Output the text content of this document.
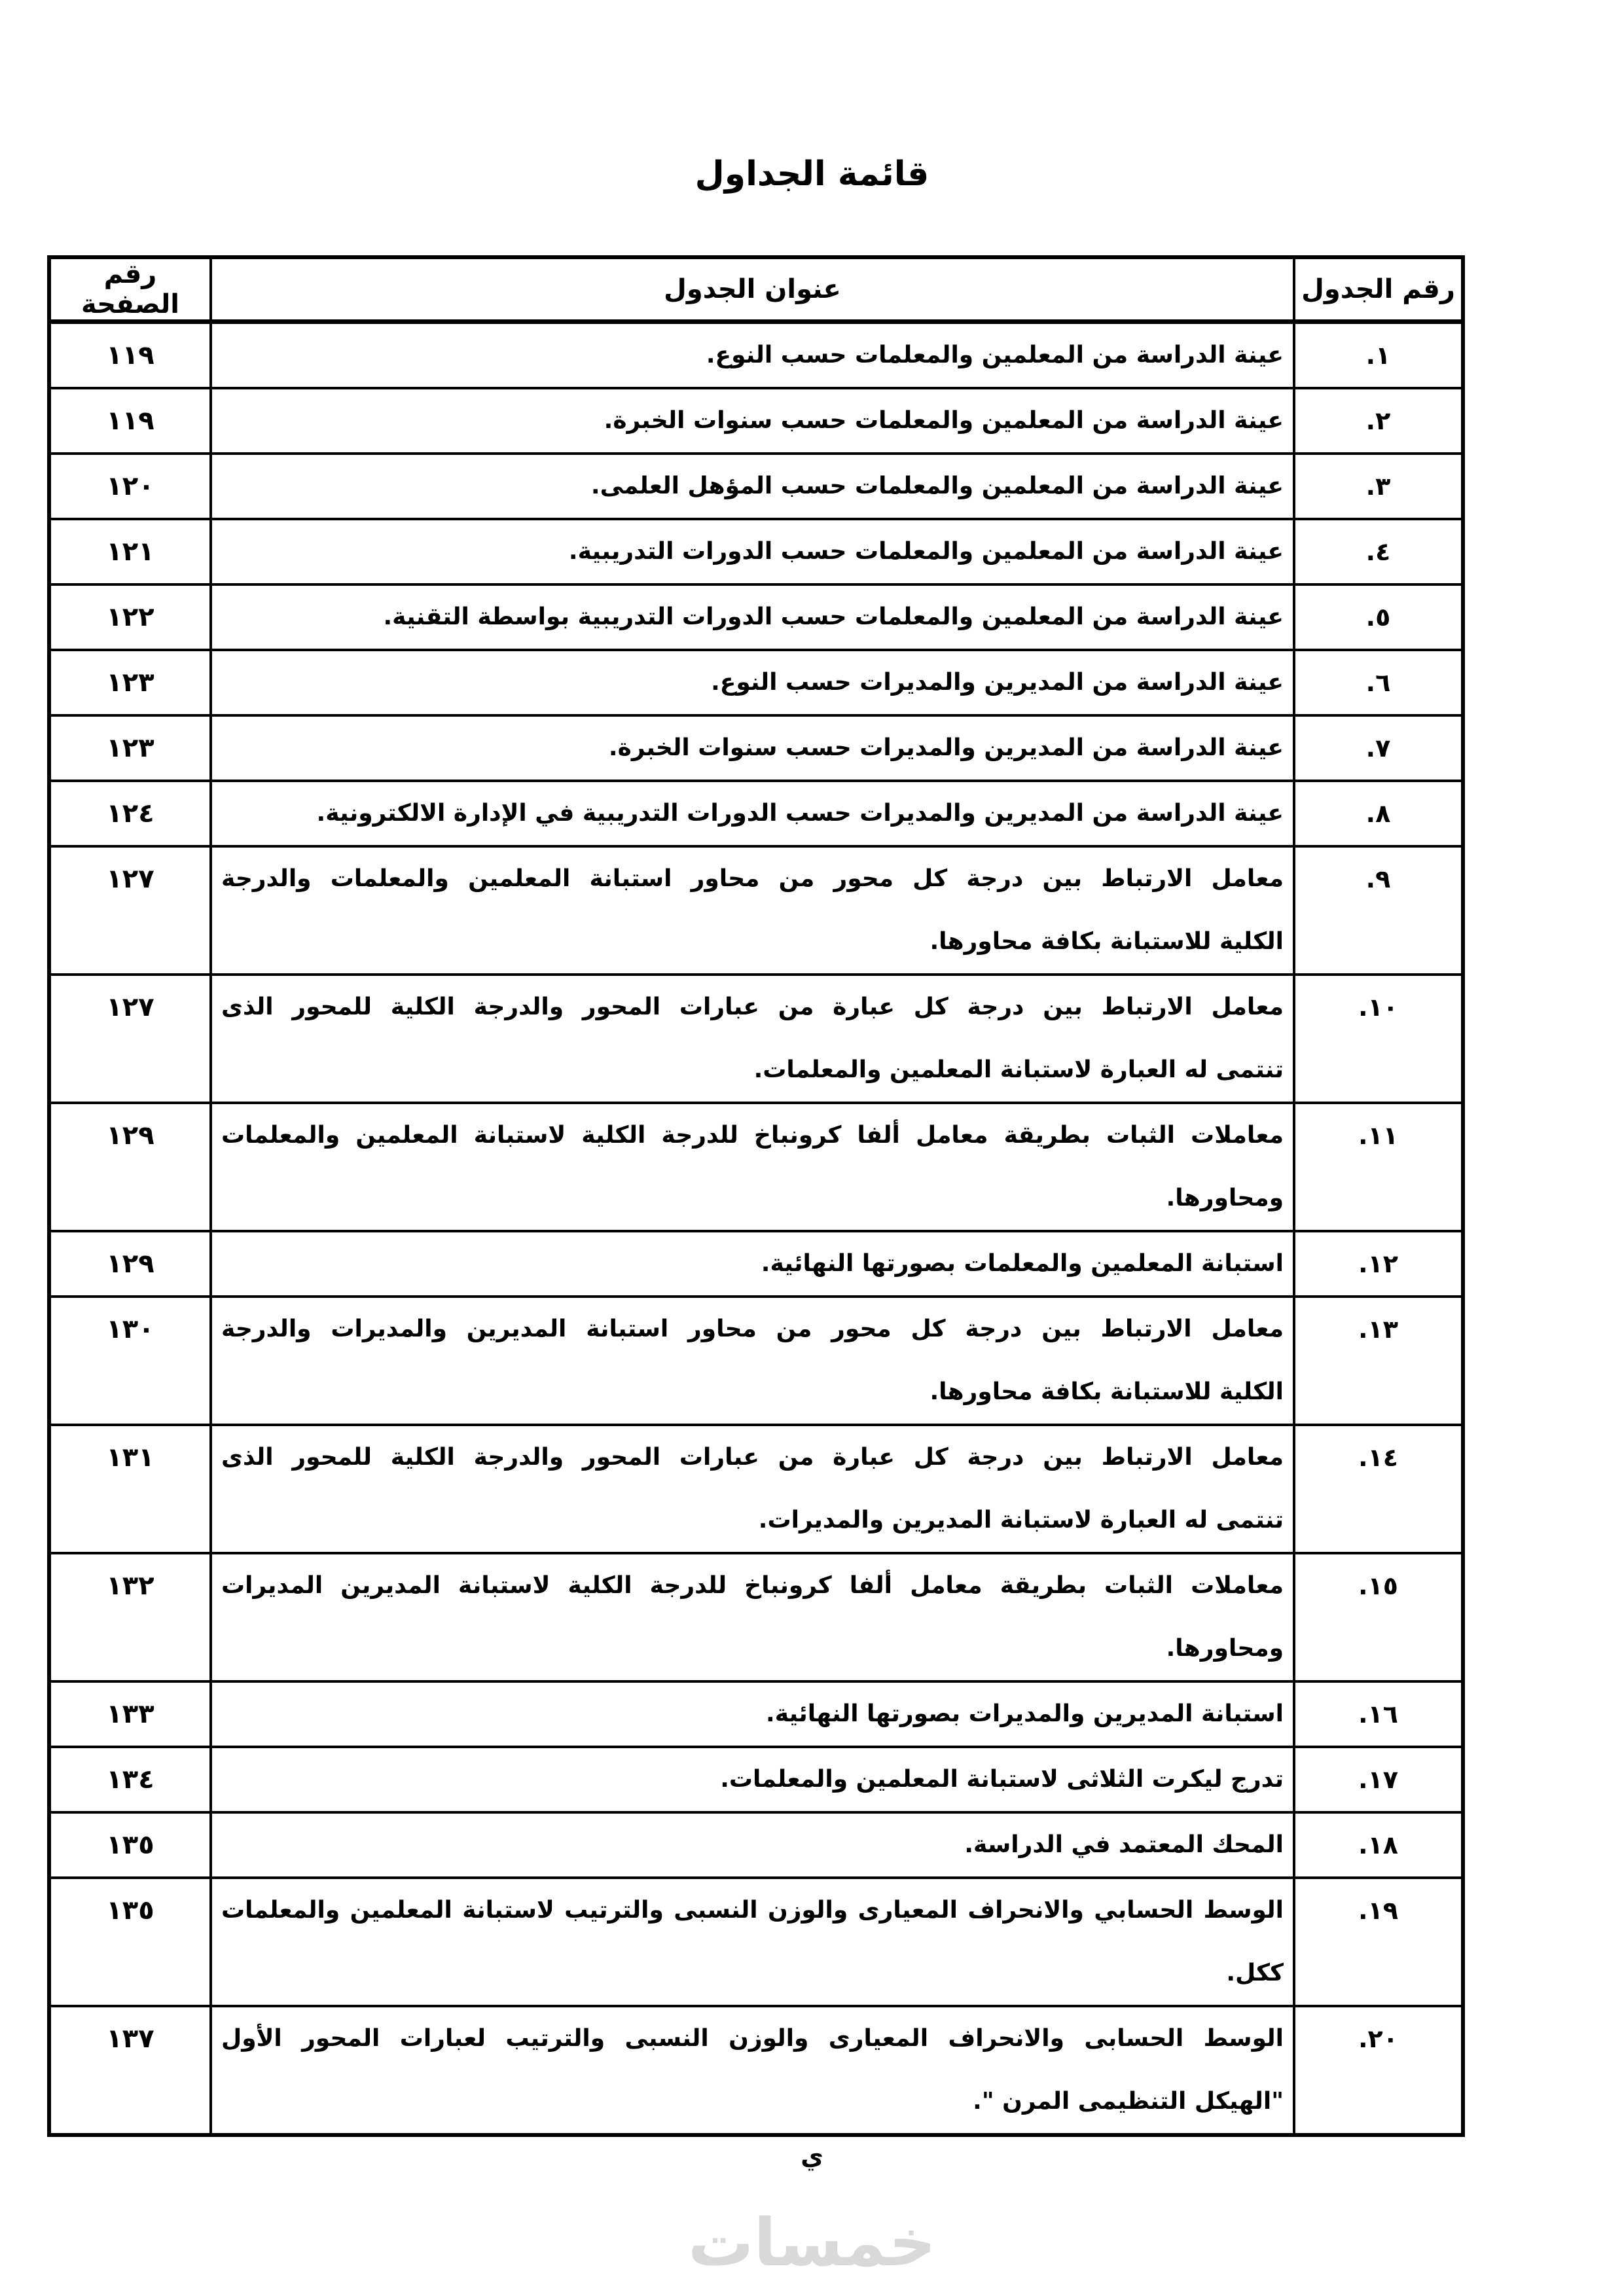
قائمة الجداول
رقم الجدول	عنوان الجدول	رقم الصفحة

١.	عينة الدراسة من المعلمين والمعلمات حسب النوع.	١١٩

٢.	عينة الدراسة من المعلمين والمعلمات حسب سنوات الخبرة.	١١٩

٣.	عينة الدراسة من المعلمين والمعلمات حسب المؤهل العلمى.	١٢٠

٤.	عينة الدراسة من المعلمين والمعلمات حسب الدورات التدريبية.	١٢١

٥.	عينة الدراسة من المعلمين والمعلمات حسب الدورات التدريبية بواسطة التقنية.	١٢٢

٦.	عينة الدراسة من المديرين والمديرات حسب النوع.	١٢٣

٧.	عينة الدراسة من المديرين والمديرات حسب سنوات الخبرة.	١٢٣

٨.	عينة الدراسة من المديرين والمديرات حسب الدورات التدريبية في الإدارة الالكترونية.	١٢٤

٩.	معامل الارتباط بين درجة كل محور من محاور استبانة المعلمين والمعلمات والدرجة
الكلية للاستبانة بكافة محاورها.	١٢٧

١٠.	معامل الارتباط بين درجة كل عبارة من عبارات المحور والدرجة الكلية للمحور الذى
تنتمى له العبارة لاستبانة المعلمين والمعلمات.	١٢٧

١١.	معاملات الثبات بطريقة معامل ألفا كرونباخ للدرجة الكلية لاستبانة المعلمين والمعلمات
ومحاورها.	١٢٩

١٢.	استبانة المعلمين والمعلمات بصورتها النهائية.	١٢٩

١٣.	معامل الارتباط بين درجة كل محور من محاور استبانة المديرين والمديرات والدرجة
الكلية للاستبانة بكافة محاورها.	١٣٠

١٤.	معامل الارتباط بين درجة كل عبارة من عبارات المحور والدرجة الكلية للمحور الذى
تنتمى له العبارة لاستبانة المديرين والمديرات.	١٣١

١٥.	معاملات الثبات بطريقة معامل ألفا كرونباخ للدرجة الكلية لاستبانة المديرين المديرات
ومحاورها.	١٣٢

١٦.	استبانة المديرين والمديرات بصورتها النهائية.	١٣٣

١٧.	تدرج ليكرت الثلاثى لاستبانة المعلمين والمعلمات.	١٣٤

١٨.	المحك المعتمد في الدراسة.	١٣٥

١٩.	الوسط الحسابي والانحراف المعيارى والوزن النسبى والترتيب لاستبانة المعلمين والمعلمات
ككل.	١٣٥

٢٠.	الوسط الحسابى والانحراف المعيارى والوزن النسبى والترتيب لعبارات المحور الأول
"الهيكل التنظيمى المرن ".	١٣٧
ي
خمسات
